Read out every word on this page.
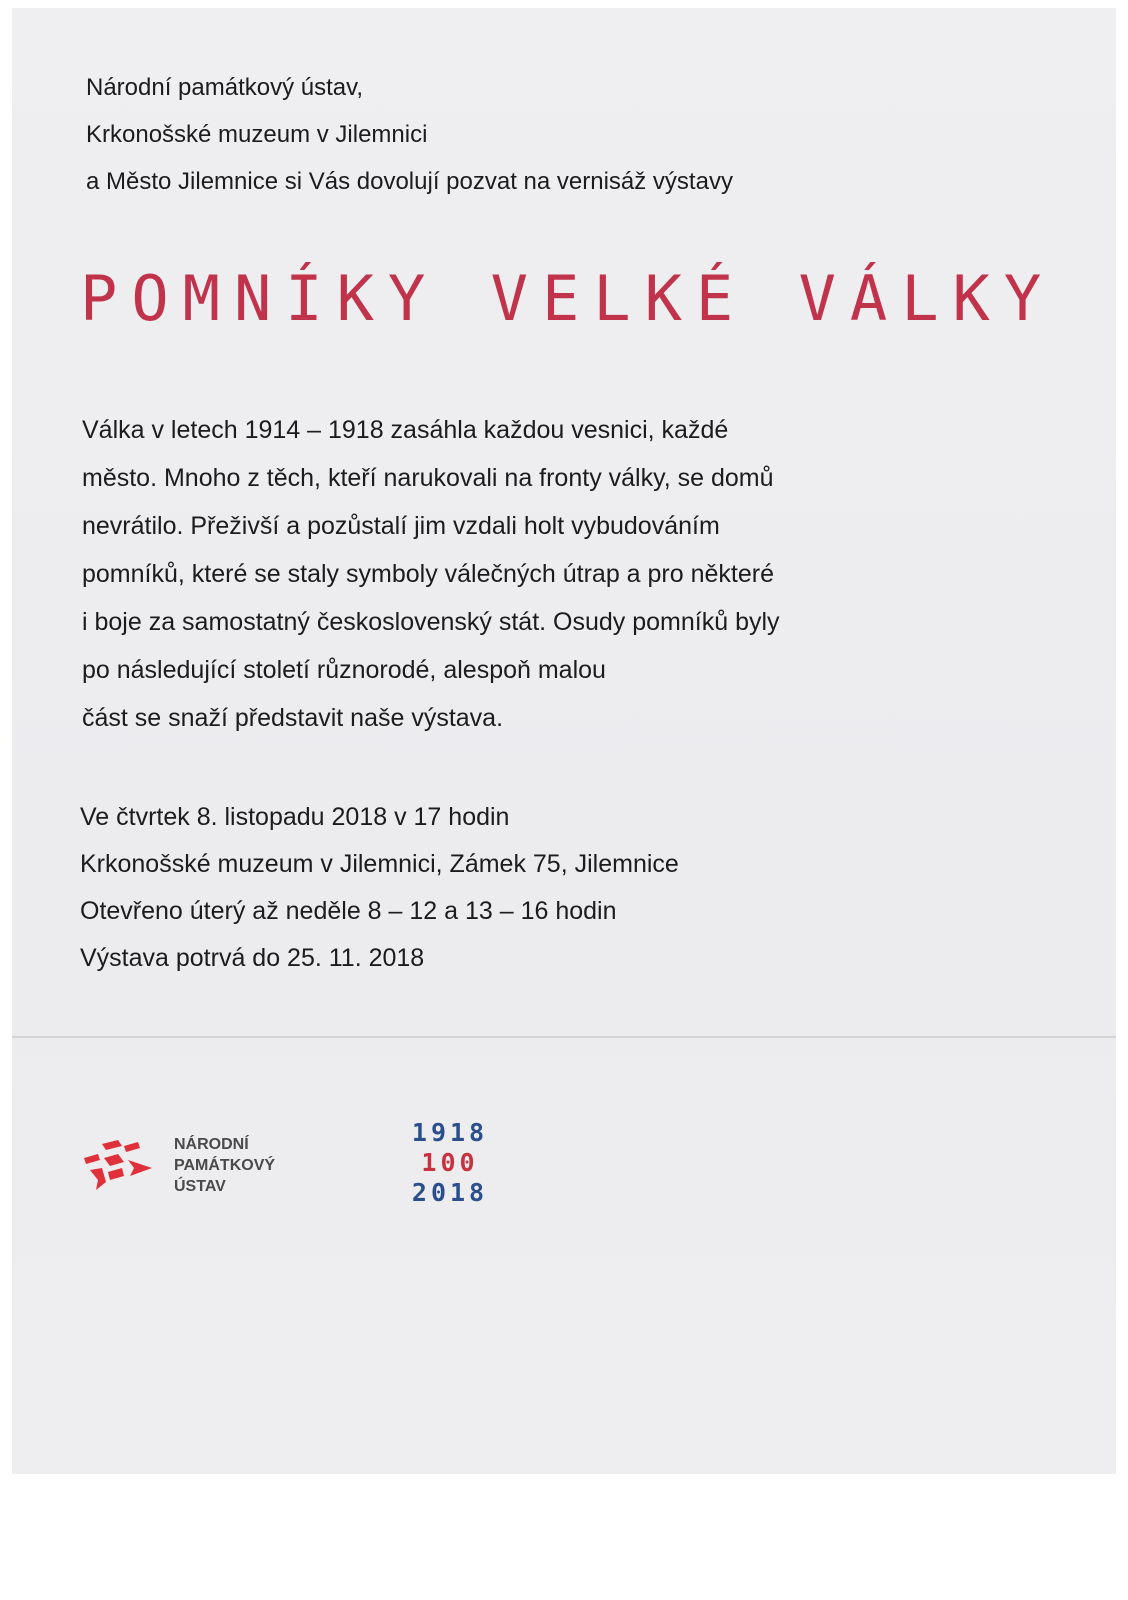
Národní památkový ústav,
Krkonošské muzeum v Jilemnici
a Město Jilemnice si Vás dovolují pozvat na vernisáž výstavy
POMNÍKY VELKÉ VÁLKY
Válka v letech 1914 – 1918 zasáhla každou vesnici, každé
město. Mnoho z těch, kteří narukovali na fronty války, se domů
nevrátilo. Přeživší a pozůstalí jim vzdali holt vybudováním
pomníků, které se staly symboly válečných útrap a pro některé
i boje za samostatný československý stát. Osudy pomníků byly
po následující století různorodé, alespoň malou
část se snaží představit naše výstava.
Ve čtvrtek 8. listopadu 2018 v 17 hodin
Krkonošské muzeum v Jilemnici, Zámek 75, Jilemnice
Otevřeno úterý až neděle 8 – 12 a 13 – 16 hodin
Výstava potrvá do 25. 11. 2018
NÁRODNÍ
PAMÁTKOVÝ
ÚSTAV
1918
100
2018
